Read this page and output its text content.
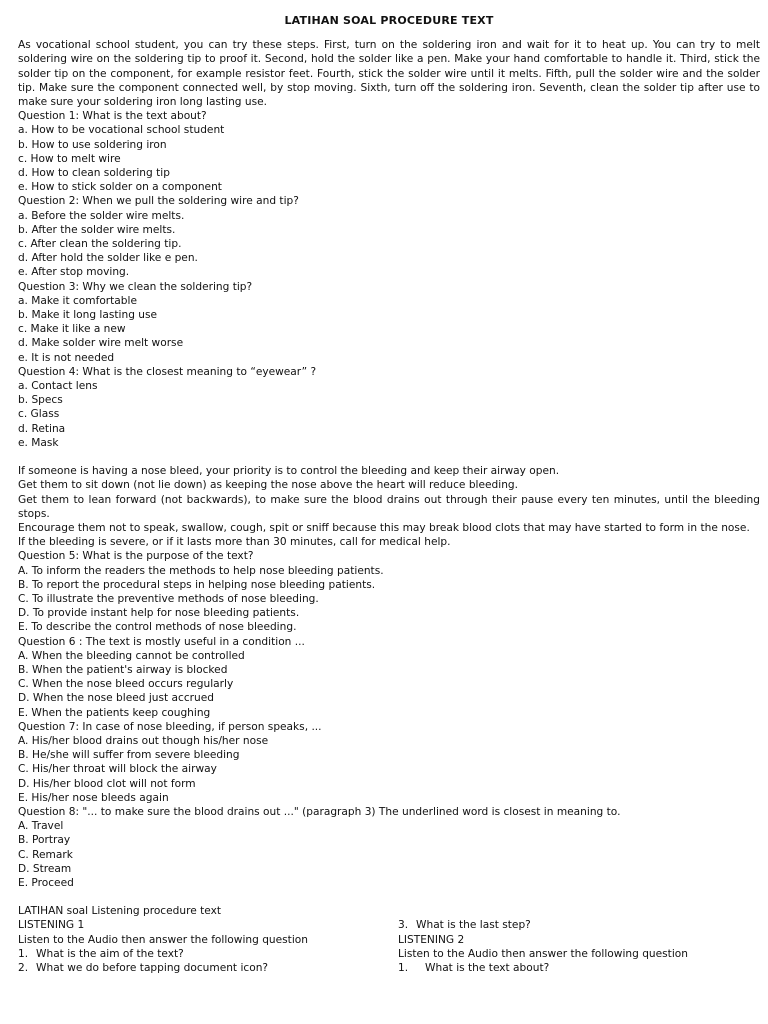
LATIHAN SOAL PROCEDURE TEXT

As vocational school student, you can try these steps. First, turn on the soldering iron and wait for it to heat up. You can try to melt soldering wire on the soldering tip to proof it. Second, hold the solder like a pen. Make your hand comfortable to handle it. Third, stick the solder tip on the component, for example resistor feet. Fourth, stick the solder wire until it melts. Fifth, pull the solder wire and the solder tip. Make sure the component connected well, by stop moving. Sixth, turn off the soldering iron. Seventh, clean the solder tip after use to make sure your soldering iron long lasting use.

Question 1: What is the text about?
a. How to be vocational school student
b. How to use soldering iron
c. How to melt wire
d. How to clean soldering tip
e. How to stick solder on a component
Question 2: When we pull the soldering wire and tip?
a. Before the solder wire melts.
b. After the solder wire melts.
c. After clean the soldering tip.
d. After hold the solder like e pen.
e. After stop moving.
Question 3: Why we clean the soldering tip?
a. Make it comfortable
b. Make it long lasting use
c. Make it like a new
d. Make solder wire melt worse
e. It is not needed
Question 4: What is the closest meaning to “eyewear” ?
a. Contact lens
b. Specs
c. Glass
d. Retina
e. Mask

If someone is having a nose bleed, your priority is to control the bleeding and keep their airway open.

Get them to sit down (not lie down) as keeping the nose above the heart will reduce bleeding.

Get them to lean forward (not backwards), to make sure the blood drains out through their pause every ten minutes, until the bleeding stops.

Encourage them not to speak, swallow, cough, spit or sniff because this may break blood clots that may have started to form in the nose.

If the bleeding is severe, or if it lasts more than 30 minutes, call for medical help.

Question 5: What is the purpose of the text?
A. To inform the readers the methods to help nose bleeding patients.
B. To report the procedural steps in helping nose bleeding patients.
C. To illustrate the preventive methods of nose bleeding.
D. To provide instant help for nose bleeding patients.
E. To describe the control methods of nose bleeding.
Question 6 : The text is mostly useful in a condition ...
A. When the bleeding cannot be controlled
B. When the patient's airway is blocked
C. When the nose bleed occurs regularly
D. When the nose bleed just accrued
E. When the patients keep coughing
Question 7: In case of nose bleeding, if person speaks, ...
A. His/her blood drains out though his/her nose
B. He/she will suffer from severe bleeding
C. His/her throat will block the airway
D. His/her blood clot will not form
E. His/her nose bleeds again
Question 8: "... to make sure the blood drains out ..." (paragraph 3) The underlined word is closest in meaning to.
A. Travel
B. Portray
C. Remark
D. Stream
E. Proceed
LATIHAN soal Listening procedure text
LISTENING 1
Listen to the Audio then answer the following question
1. What is the aim of the text?
2. What we do before tapping document icon?
3. What is the last step?
LISTENING 2
Listen to the Audio then answer the following question
1. What is the text about?
